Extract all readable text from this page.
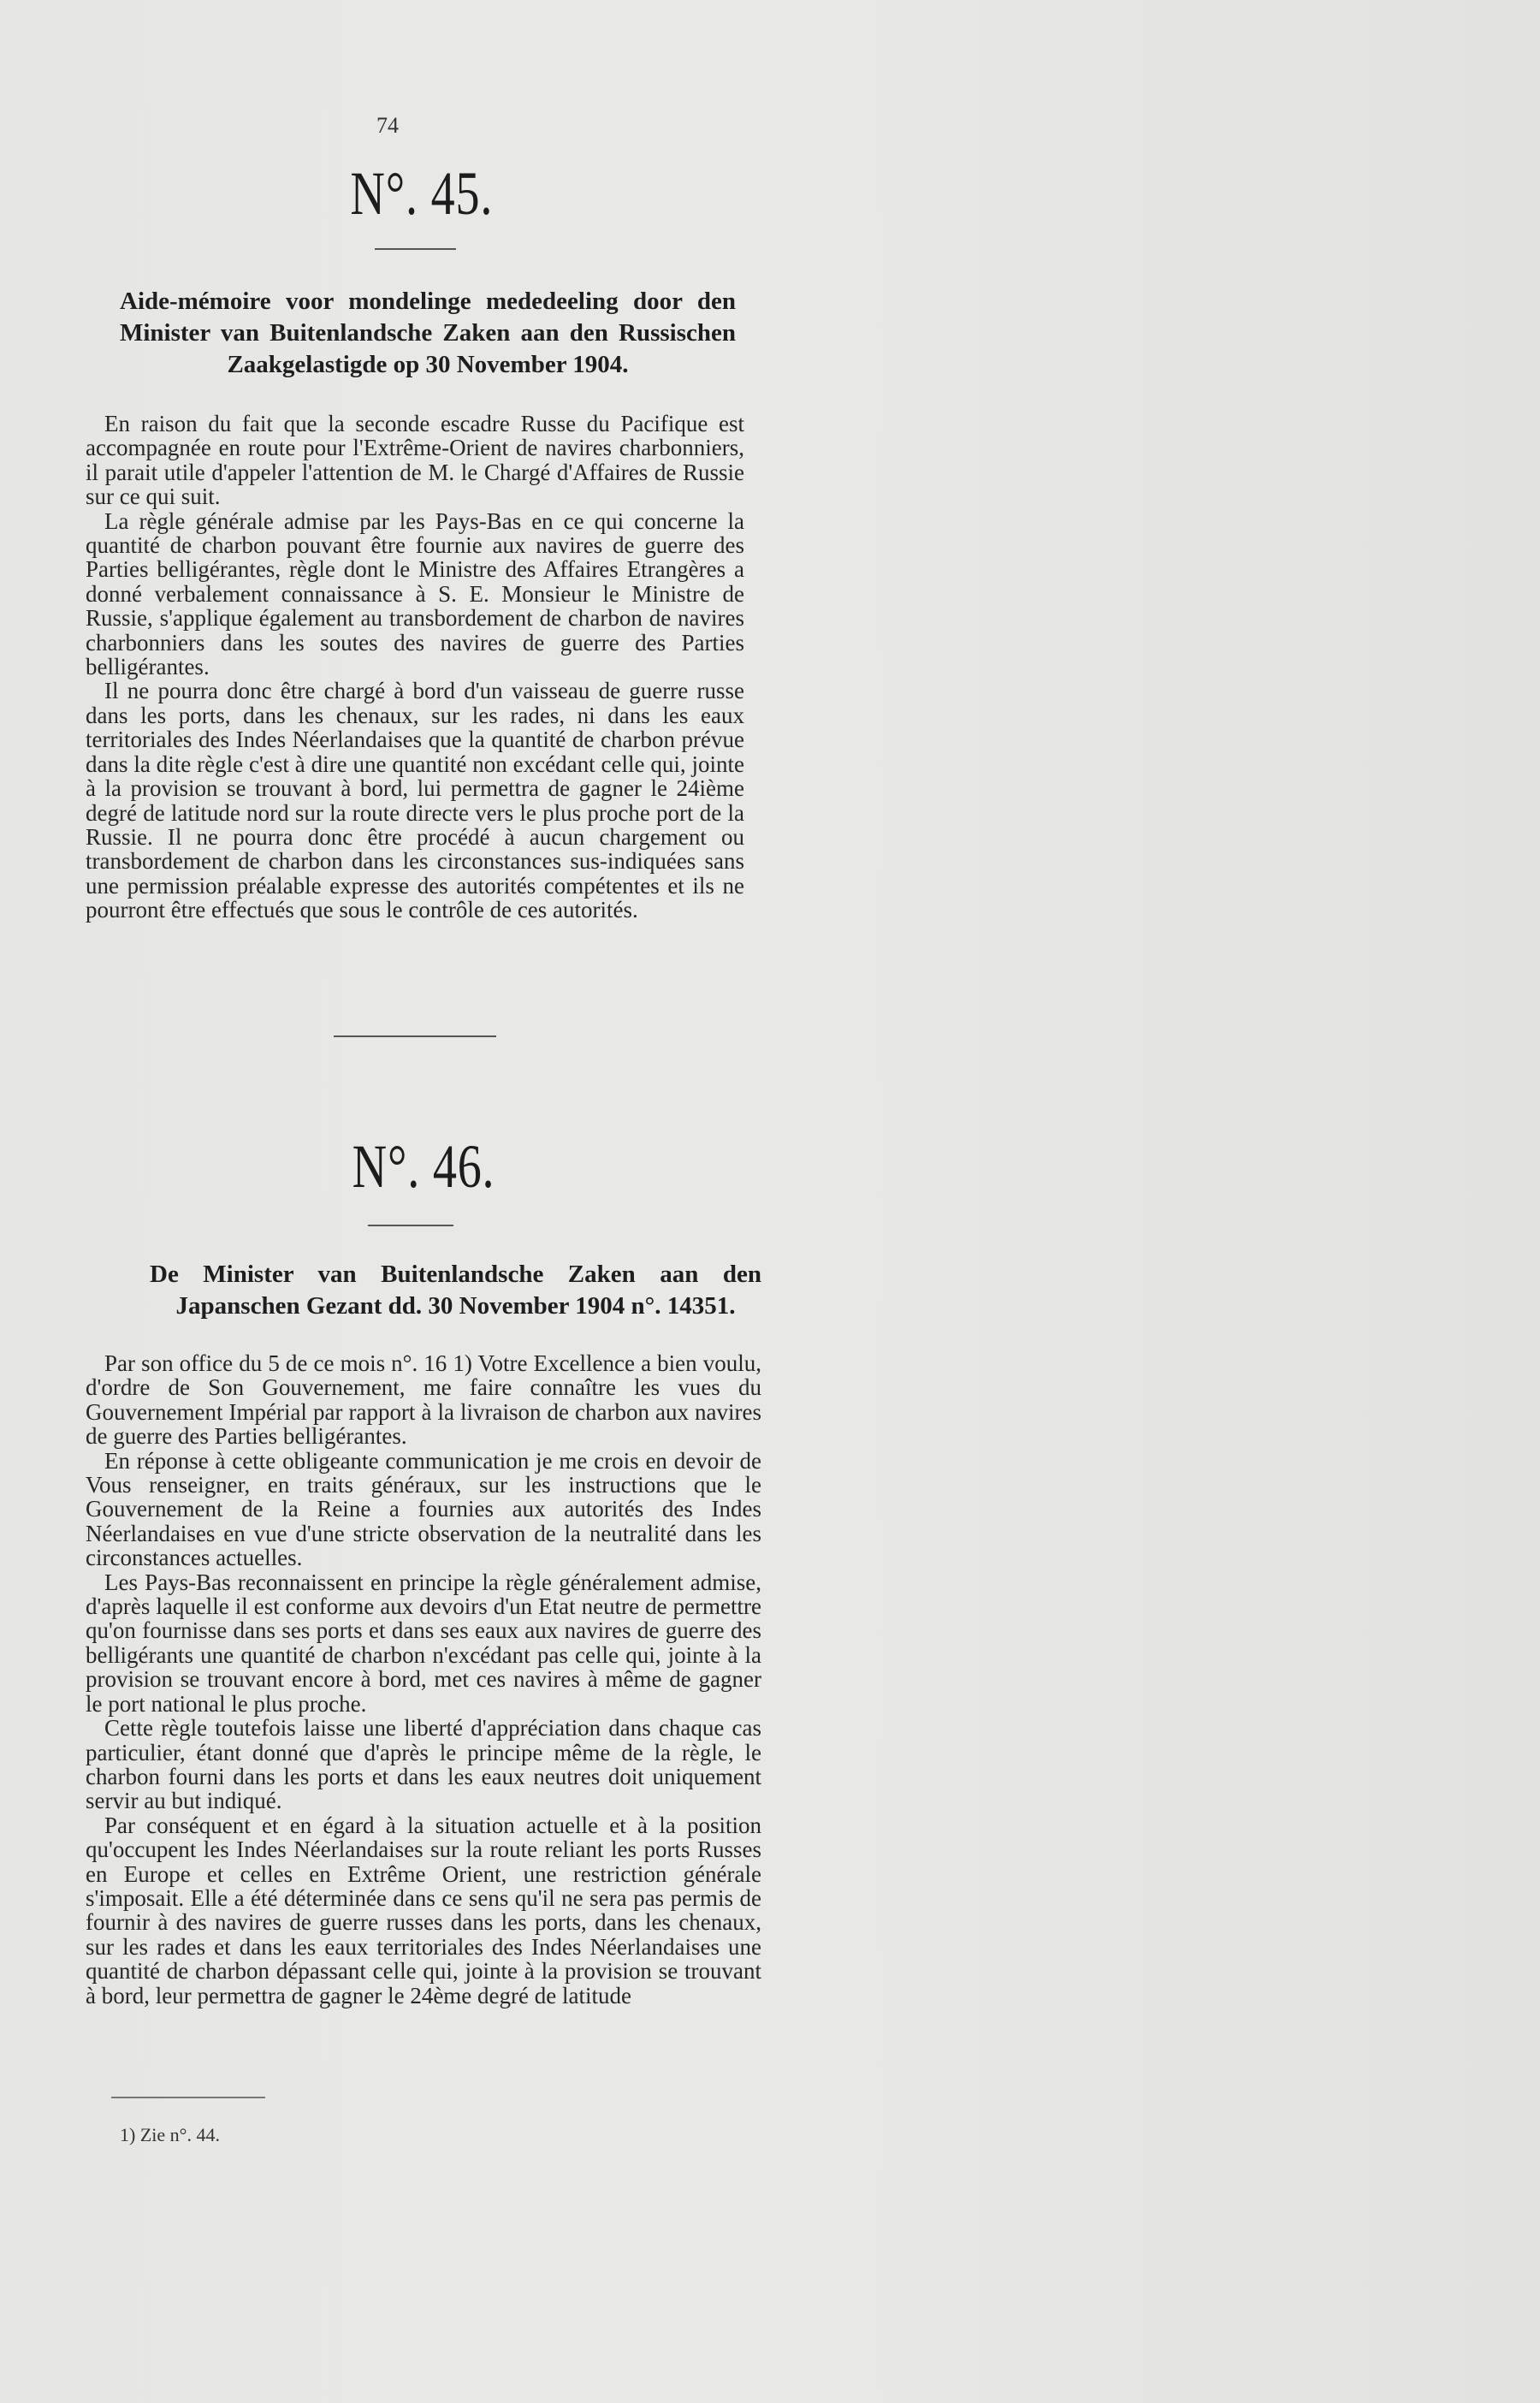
74
N°. 45.
Aide-mémoire voor mondelinge mededeeling door den Minister van Buitenlandsche Zaken aan den Russischen Zaakgelastigde op 30 November 1904.

En raison du fait que la seconde escadre Russe du Pacifique est accompagnée en route pour l'Extrême-Orient de navires charbonniers, il parait utile d'appeler l'attention de M. le Chargé d'Affaires de Russie sur ce qui suit.

La règle générale admise par les Pays-Bas en ce qui concerne la quantité de charbon pouvant être fournie aux navires de guerre des Parties belligérantes, règle dont le Ministre des Affaires Etrangères a donné verbalement connaissance à S. E. Monsieur le Ministre de Russie, s'applique également au transbordement de charbon de navires charbonniers dans les soutes des navires de guerre des Parties belligérantes.

Il ne pourra donc être chargé à bord d'un vaisseau de guerre russe dans les ports, dans les chenaux, sur les rades, ni dans les eaux territoriales des Indes Néerlandaises que la quantité de charbon prévue dans la dite règle c'est à dire une quantité non excédant celle qui, jointe à la provision se trouvant à bord, lui permettra de gagner le 24ième degré de latitude nord sur la route directe vers le plus proche port de la Russie. Il ne pourra donc être procédé à aucun chargement ou transbordement de charbon dans les circonstances sus-indiquées sans une permission préalable expresse des autorités compétentes et ils ne pourront être effectués que sous le contrôle de ces autorités.

N°. 46.
De Minister van Buitenlandsche Zaken aan den Japanschen Gezant dd. 30 November 1904 n°. 14351.

Par son office du 5 de ce mois n°. 16 1) Votre Excellence a bien voulu, d'ordre de Son Gouvernement, me faire connaître les vues du Gouvernement Impérial par rapport à la livraison de charbon aux navires de guerre des Parties belligérantes.

En réponse à cette obligeante communication je me crois en devoir de Vous renseigner, en traits généraux, sur les instructions que le Gouvernement de la Reine a fournies aux autorités des Indes Néerlandaises en vue d'une stricte observation de la neutralité dans les circonstances actuelles.

Les Pays-Bas reconnaissent en principe la règle généralement admise, d'après laquelle il est conforme aux devoirs d'un Etat neutre de permettre qu'on fournisse dans ses ports et dans ses eaux aux navires de guerre des belligérants une quantité de charbon n'excédant pas celle qui, jointe à la provision se trouvant encore à bord, met ces navires à même de gagner le port national le plus proche.

Cette règle toutefois laisse une liberté d'appréciation dans chaque cas particulier, étant donné que d'après le principe même de la règle, le charbon fourni dans les ports et dans les eaux neutres doit uniquement servir au but indiqué.

Par conséquent et en égard à la situation actuelle et à la position qu'occupent les Indes Néerlandaises sur la route reliant les ports Russes en Europe et celles en Extrême Orient, une restriction générale s'imposait. Elle a été déterminée dans ce sens qu'il ne sera pas permis de fournir à des navires de guerre russes dans les ports, dans les chenaux, sur les rades et dans les eaux territoriales des Indes Néerlandaises une quantité de charbon dépassant celle qui, jointe à la provision se trouvant à bord, leur permettra de gagner le 24ème degré de latitude

1) Zie n°. 44.
